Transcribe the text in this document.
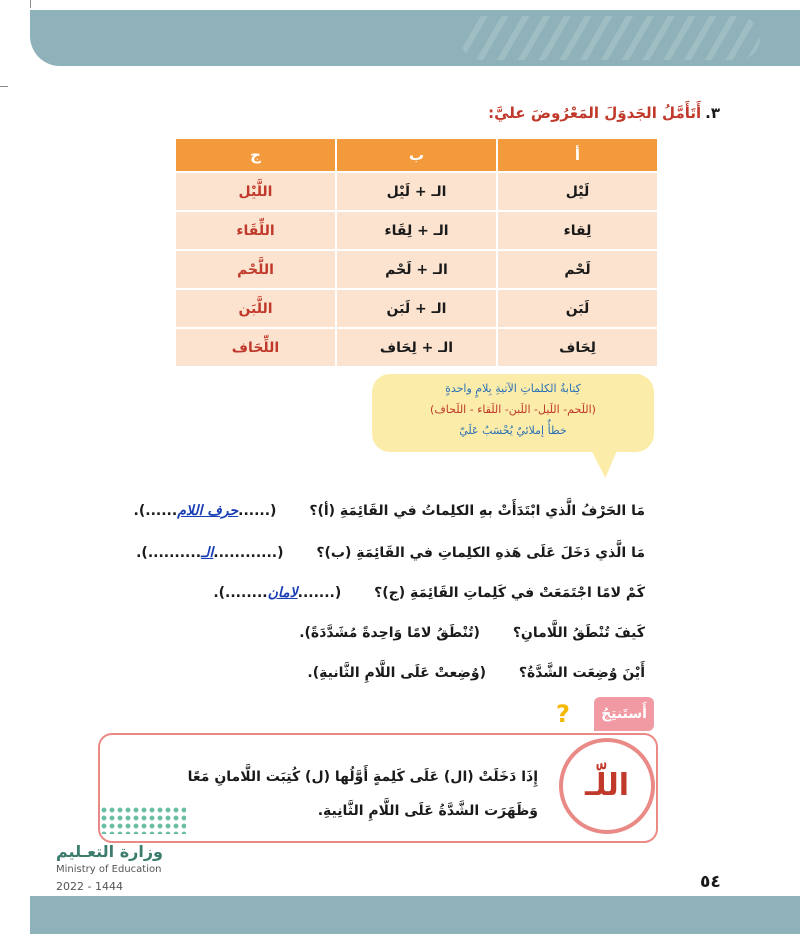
٣.أَتَأَمَّلُ الجَدوَلَ المَعْرُوضَ عليَّ:
أ	ب	ج
لَيْل	الـ + لَيْل	اللَّيْل
لِقاء	الـ + لِقَاء	اللِّقَاء
لَحْم	الـ + لَحْم	اللَّحْم
لَبَن	الـ + لَبَن	اللَّبَن
لِحَاف	الـ + لِحَاف	اللِّحَاف
كِتابةُ الكلماتِ الآتيةِ بِلامٍ واحدةٍ
(اللَحم- اللَيل- اللَبن- اللَقاء - اللَحاف)
خطأٌ إملائيٌ يُحْسَبُ عَلَيّ
مَا الحَرْفُ الَّذي ابْتَدَأَتْ بهِ الكلِماتُ في القَائِمَةِ (أ)؟ (......حرف اللام......).
مَا الَّذي دَخَلَ عَلَى هَذهِ الكلِماتِ في القَائِمَةِ (ب)؟ (............الـ..........).
كَمْ لامًا اجْتَمَعَتْ في كَلِماتِ القَائِمَةِ (ج)؟ (.......لامان........).
كَيفَ تُنْطَقُ اللَّامانِ؟ (تُنْطَقُ لامًا وَاحِدةً مُشَدَّدَةً).
أَيْنَ وُضِعَت الشَّدَّةُ؟ (وُضِعتْ عَلَى اللَّامِ الثَّانيةِ).
أَستَنتِجُ
?
اللّـ
إِذَا دَخَلَتْ (ال) عَلَى كَلِمةٍ أَوَّلُها (ل) كُتِبَت اللَّامانِ مَعًا
وَظَهَرَت الشَّدَّةُ عَلَى اللَّامِ الثَّانِيةِ.
وزارة التعـليم
Ministry of Education
2022 - 1444	٥٤
